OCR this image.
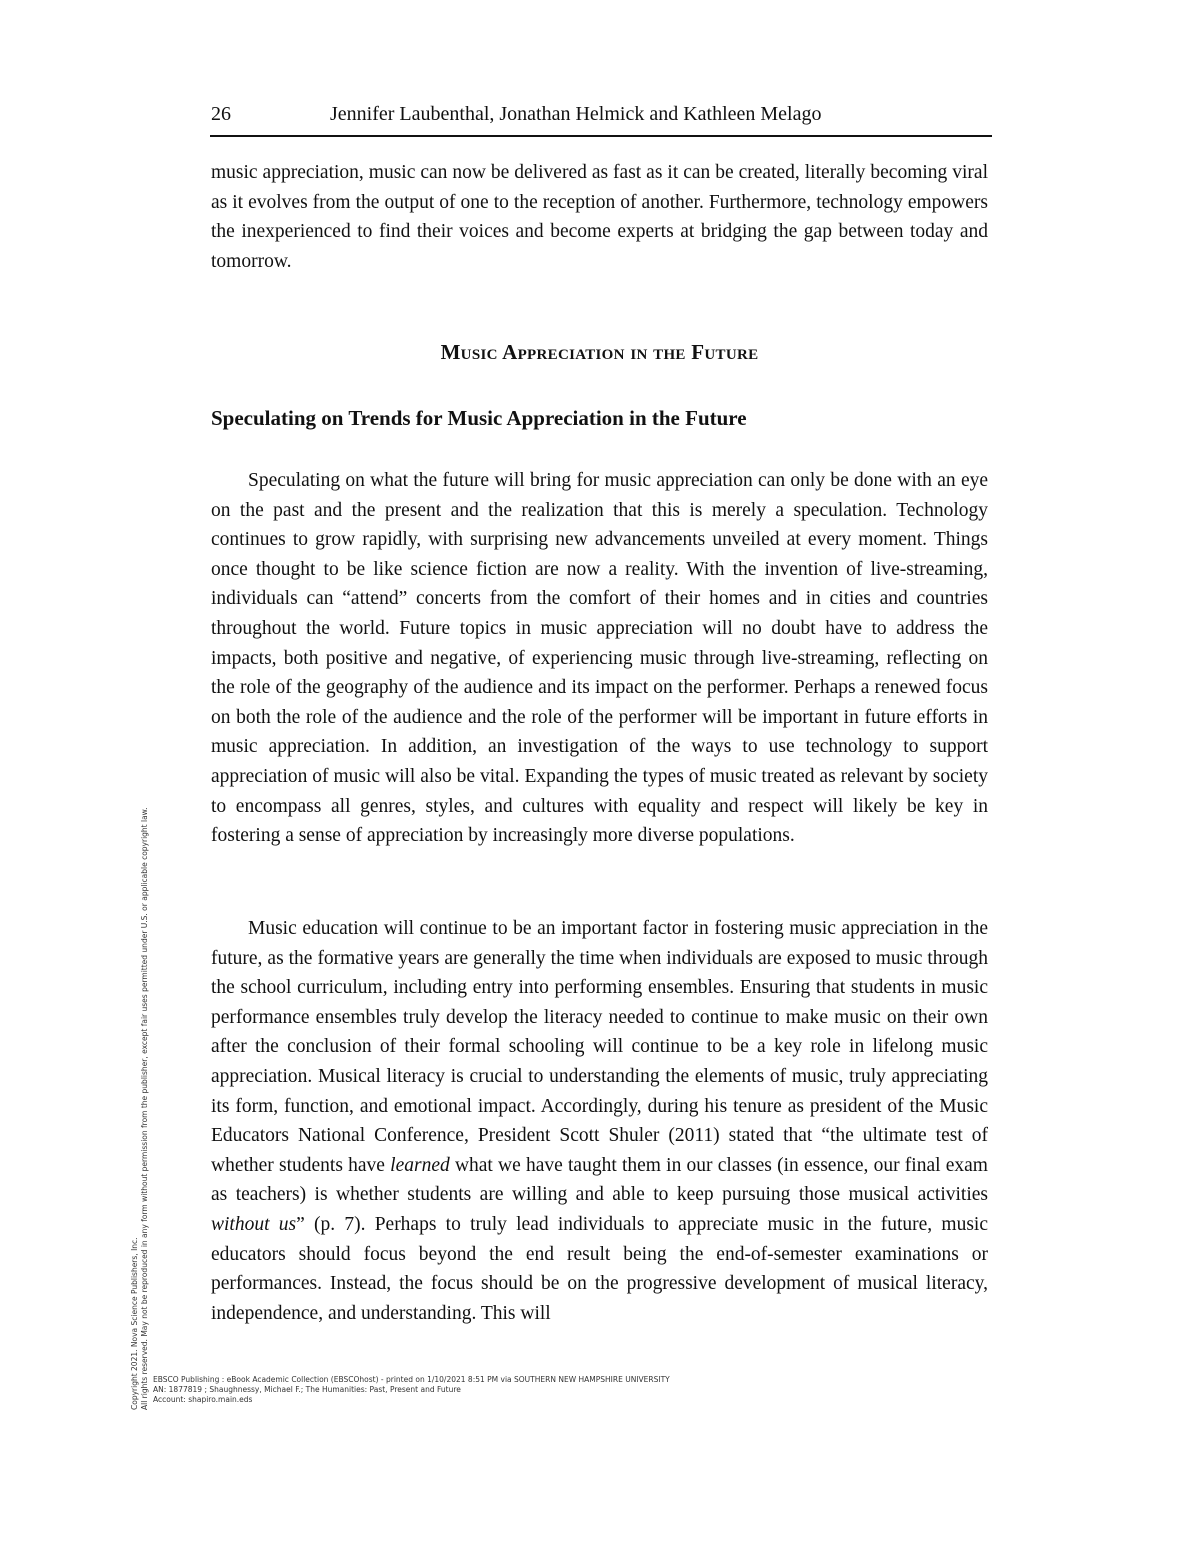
26	Jennifer Laubenthal, Jonathan Helmick and Kathleen Melago

music appreciation, music can now be delivered as fast as it can be created, literally becoming viral as it evolves from the output of one to the reception of another. Furthermore, technology empowers the inexperienced to find their voices and become experts at bridging the gap between today and tomorrow.

Music Appreciation in the Future
Speculating on Trends for Music Appreciation in the Future

Speculating on what the future will bring for music appreciation can only be done with an eye on the past and the present and the realization that this is merely a speculation. Technology continues to grow rapidly, with surprising new advancements unveiled at every moment. Things once thought to be like science fiction are now a reality. With the invention of live-streaming, individuals can “attend” concerts from the comfort of their homes and in cities and countries throughout the world. Future topics in music appreciation will no doubt have to address the impacts, both positive and negative, of experiencing music through live-streaming, reflecting on the role of the geography of the audience and its impact on the performer. Perhaps a renewed focus on both the role of the audience and the role of the performer will be important in future efforts in music appreciation. In addition, an investigation of the ways to use technology to support appreciation of music will also be vital. Expanding the types of music treated as relevant by society to encompass all genres, styles, and cultures with equality and respect will likely be key in fostering a sense of appreciation by increasingly more diverse populations.

Music education will continue to be an important factor in fostering music appreciation in the future, as the formative years are generally the time when individuals are exposed to music through the school curriculum, including entry into performing ensembles. Ensuring that students in music performance ensembles truly develop the literacy needed to continue to make music on their own after the conclusion of their formal schooling will continue to be a key role in lifelong music appreciation. Musical literacy is crucial to understanding the elements of music, truly appreciating its form, function, and emotional impact. Accordingly, during his tenure as president of the Music Educators National Conference, President Scott Shuler (2011) stated that “the ultimate test of whether students have learned what we have taught them in our classes (in essence, our final exam as teachers) is whether students are willing and able to keep pursuing those musical activities without us” (p. 7). Perhaps to truly lead individuals to appreciate music in the future, music educators should focus beyond the end result being the end-of-semester examinations or performances. Instead, the focus should be on the progressive development of musical literacy, independence, and understanding. This will

Copyright 2021. Nova Science Publishers, Inc. All rights reserved. May not be reproduced in any form without permission from the publisher, except fair uses permitted under U.S. or applicable copyright law. EBSCO Publishing : eBook Academic Collection (EBSCOhost) - printed on 1/10/2021 8:51 PM via SOUTHERN NEW HAMPSHIRE UNIVERSITY
AN: 1877819 ; Shaughnessy, Michael F.; The Humanities: Past, Present and Future
Account: shapiro.main.eds
